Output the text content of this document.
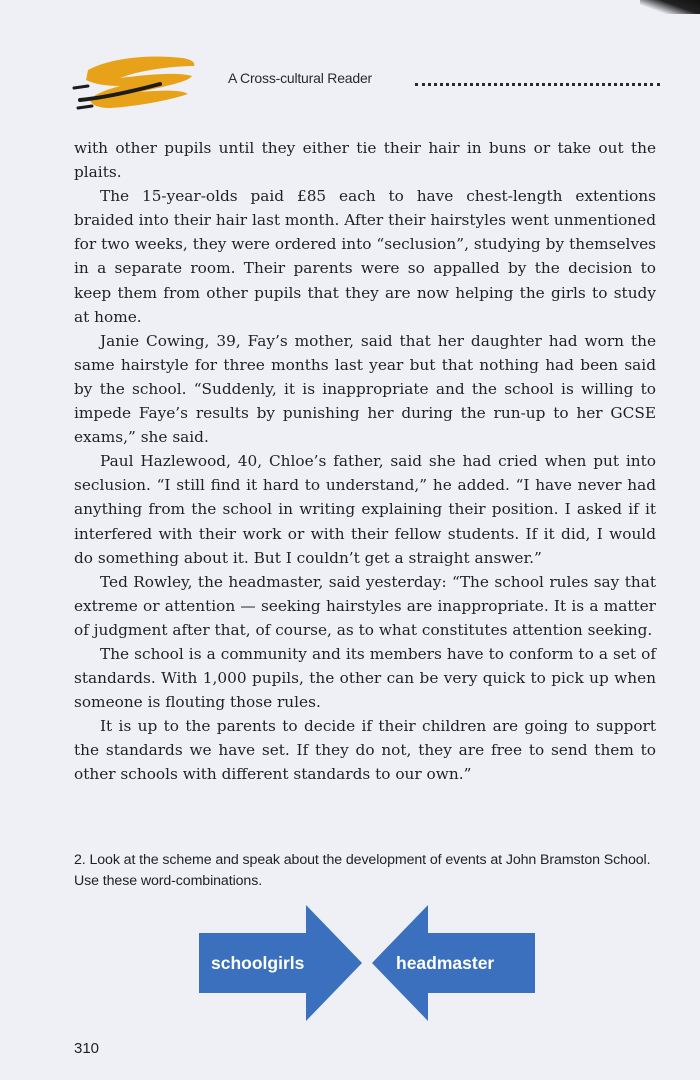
A Cross-cultural Reader

with other pupils until they either tie their hair in buns or take out the plaits.

The 15-year-olds paid £85 each to have chest-length extentions braided into their hair last month. After their hairstyles went unmentioned for two weeks, they were ordered into “seclusion”, studying by themselves in a separate room. Their parents were so appalled by the decision to keep them from other pupils that they are now helping the girls to study at home.

Janie Cowing, 39, Fay’s mother, said that her daughter had worn the same hairstyle for three months last year but that nothing had been said by the school. “Suddenly, it is inappropriate and the school is willing to impede Faye’s results by punishing her during the run-up to her GCSE exams,” she said.

Paul Hazlewood, 40, Chloe’s father, said she had cried when put into seclusion. “I still find it hard to understand,” he added. “I have never had anything from the school in writing explaining their position. I asked if it interfered with their work or with their fellow students. If it did, I would do something about it. But I couldn’t get a straight answer.”

Ted Rowley, the headmaster, said yesterday: “The school rules say that extreme or attention — seeking hairstyles are inappropriate. It is a matter of judgment after that, of course, as to what constitutes attention seeking.

The school is a community and its members have to conform to a set of standards. With 1,000 pupils, the other can be very quick to pick up when someone is flouting those rules.

It is up to the parents to decide if their children are going to support the standards we have set. If they do not, they are free to send them to other schools with different standards to our own.”

2. Look at the scheme and speak about the development of events at John Bramston School. Use these word-combinations.
schoolgirls	headmaster
310
